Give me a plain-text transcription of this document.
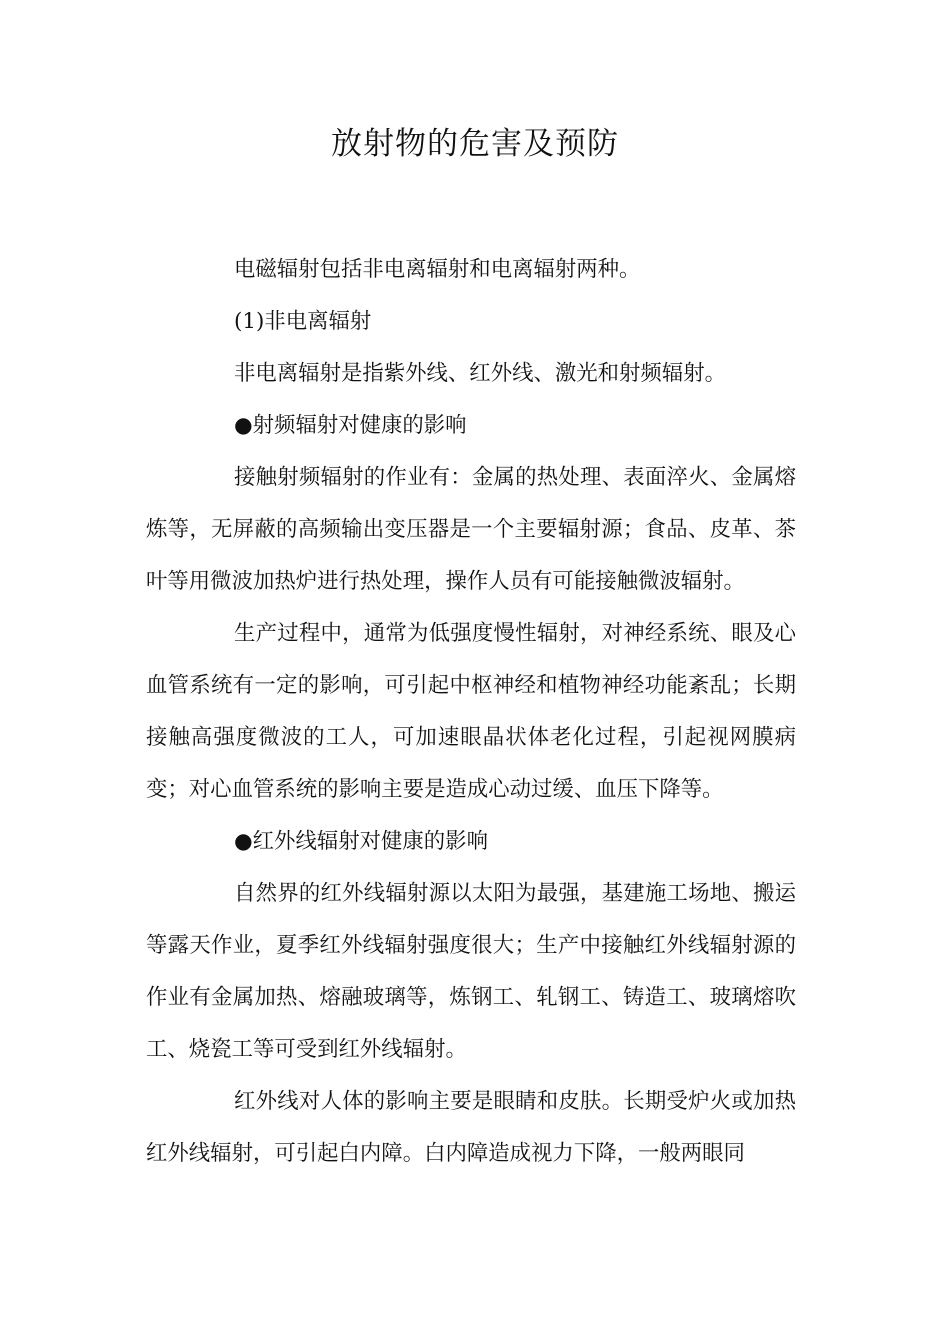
放射物的危害及预防

电磁辐射包括非电离辐射和电离辐射两种。

(1)非电离辐射

非电离辐射是指紫外线、红外线、激光和射频辐射。

●射频辐射对健康的影响

接触射频辐射的作业有：金属的热处理、表面淬火、金属熔炼等，无屏蔽的高频输出变压器是一个主要辐射源；食品、皮革、茶叶等用微波加热炉进行热处理，操作人员有可能接触微波辐射。

生产过程中，通常为低强度慢性辐射，对神经系统、眼及心血管系统有一定的影响，可引起中枢神经和植物神经功能紊乱；长期接触高强度微波的工人，可加速眼晶状体老化过程，引起视网膜病变；对心血管系统的影响主要是造成心动过缓、血压下降等。

●红外线辐射对健康的影响

自然界的红外线辐射源以太阳为最强，基建施工场地、搬运等露天作业，夏季红外线辐射强度很大；生产中接触红外线辐射源的作业有金属加热、熔融玻璃等，炼钢工、轧钢工、铸造工、玻璃熔吹工、烧瓷工等可受到红外线辐射。

红外线对人体的影响主要是眼睛和皮肤。长期受炉火或加热红外线辐射，可引起白内障。白内障造成视力下降，一般两眼同
